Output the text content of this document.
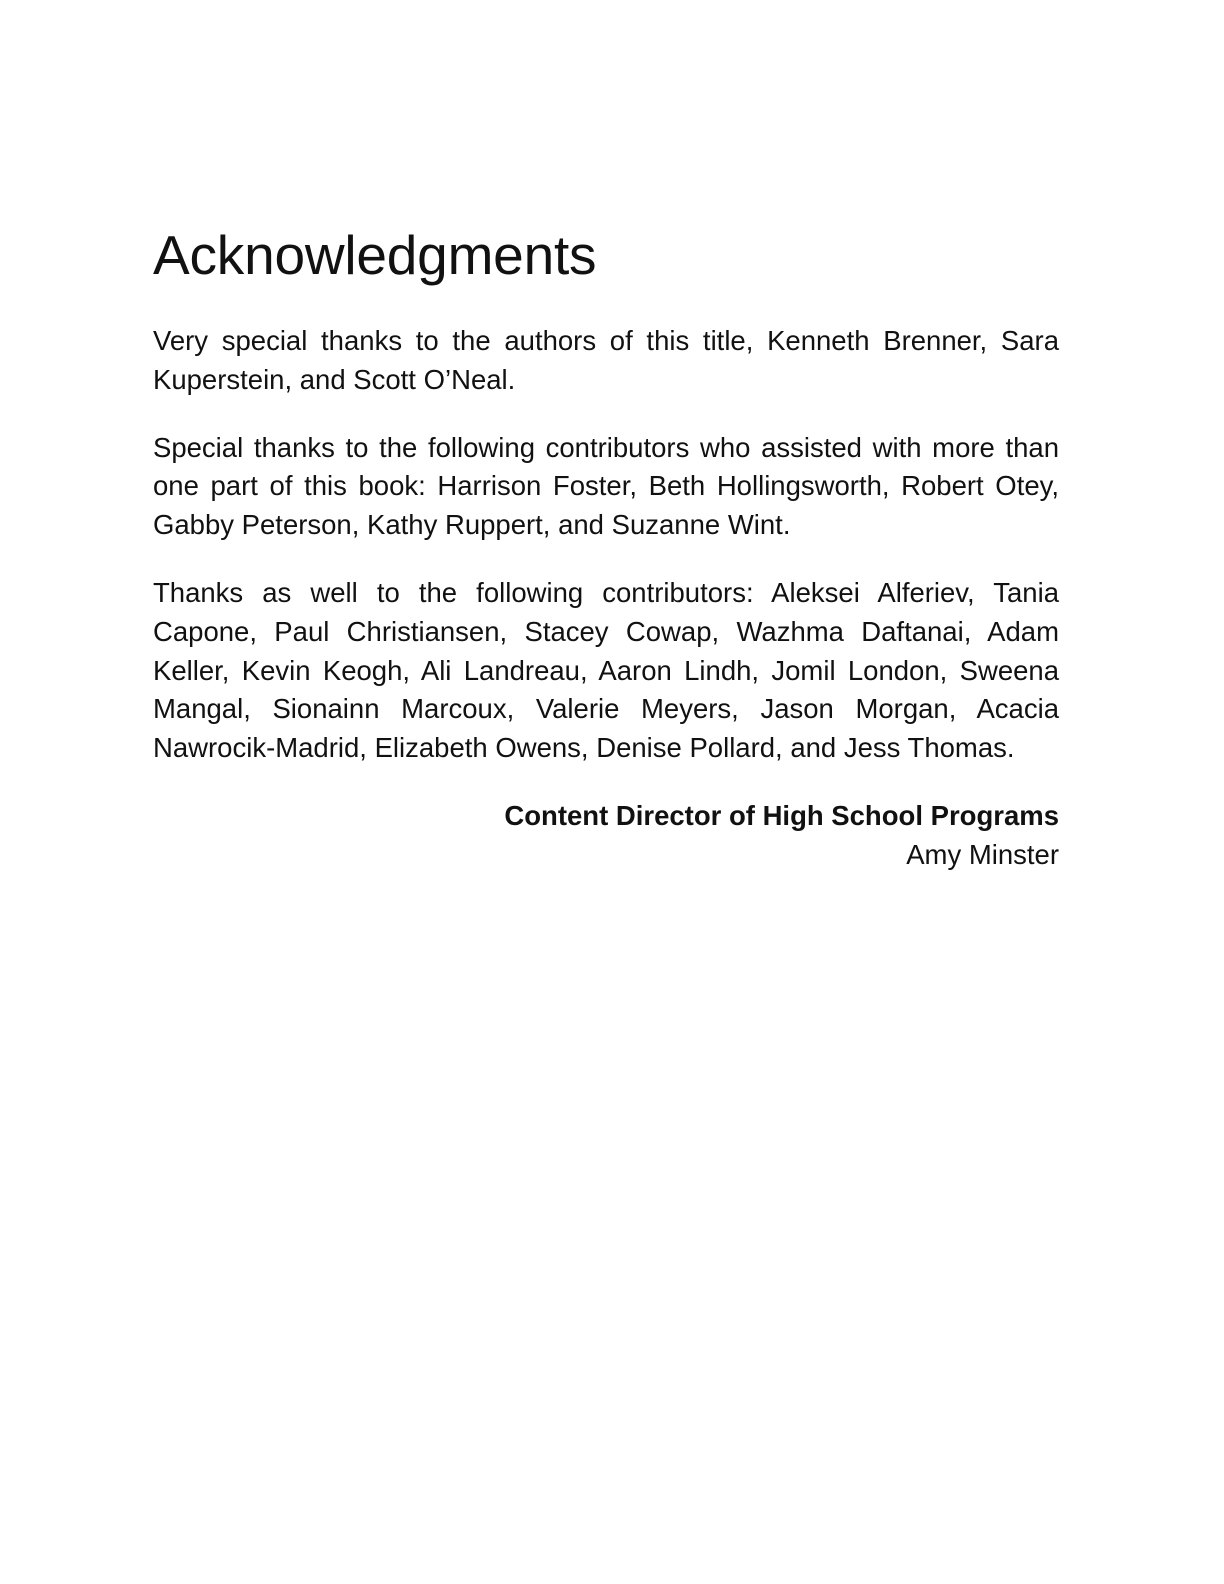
Acknowledgments

Very special thanks to the authors of this title, Kenneth Brenner, Sara Kuperstein, and Scott O’Neal.

Special thanks to the following contributors who assisted with more than one part of this book: Harrison Foster, Beth Hollingsworth, Robert Otey, Gabby Peterson, Kathy Ruppert, and Suzanne Wint.

Thanks as well to the following contributors: Aleksei Alferiev, Tania Capone, Paul Christiansen, Stacey Cowap, Wazhma Daftanai, Adam Keller, Kevin Keogh, Ali Landreau, Aaron Lindh, Jomil London, Sweena Mangal, Sionainn Marcoux, Valerie Meyers, Jason Morgan, Acacia Nawrocik-Madrid, Elizabeth Owens, Denise Pollard, and Jess Thomas.

Content Director of High School Programs
Amy Minster
